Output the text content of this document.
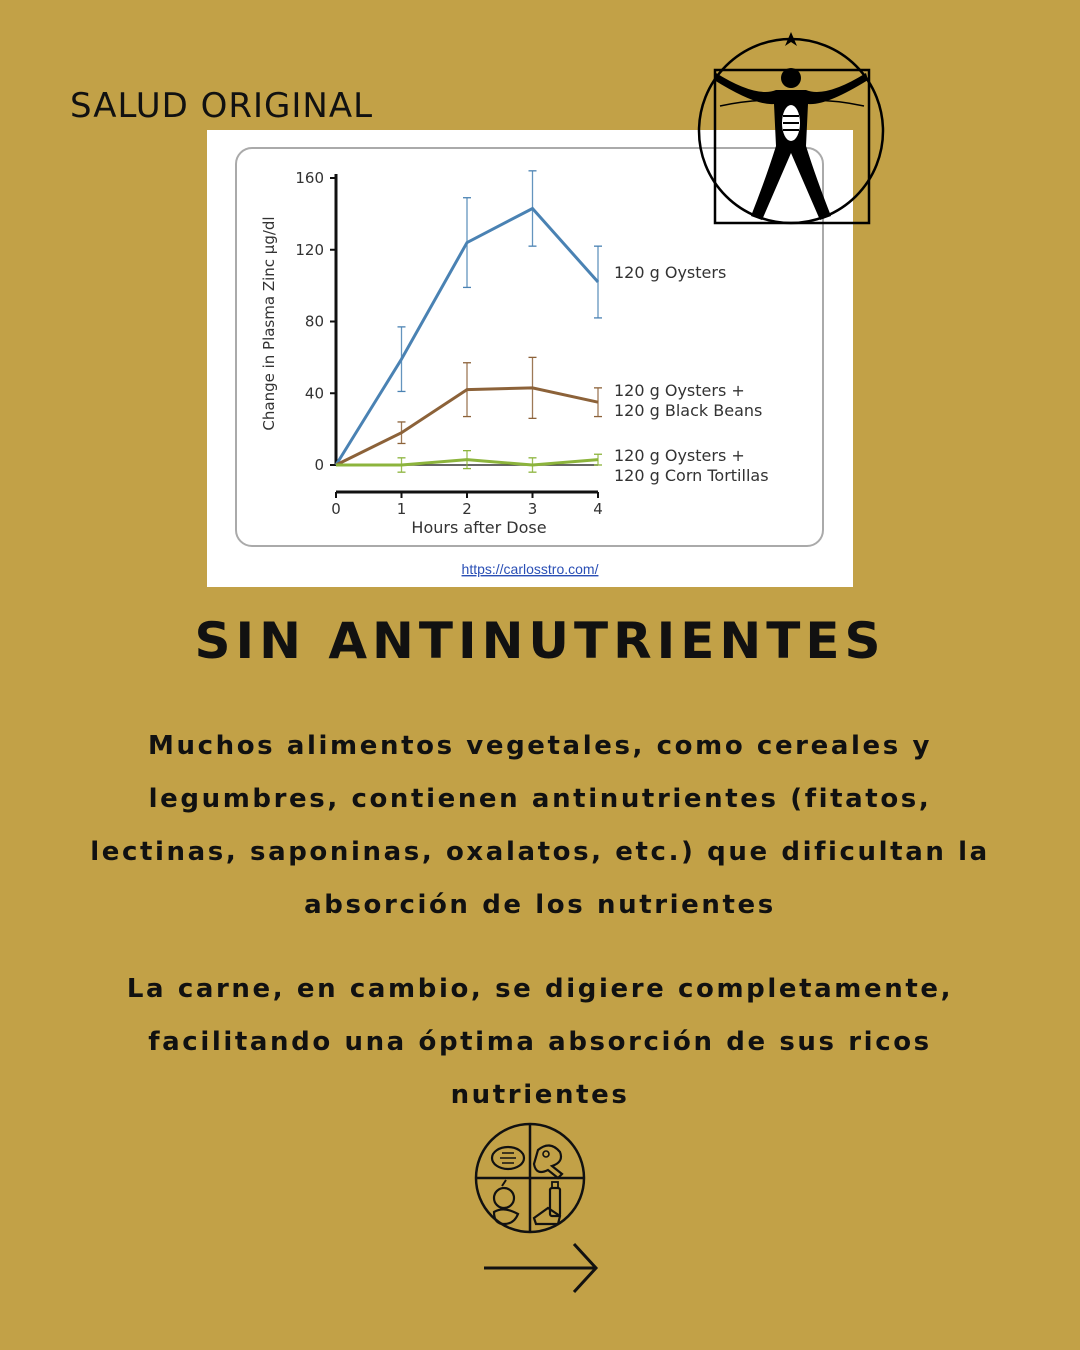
SALUD ORIGINAL
0
40
80
120
160
0	1	2	3	4
Hours after Dose
Change in Plasma Zinc µg/dl	120 g Oysters
120 g Oysters +
120 g Black Beans
120 g Oysters +
120 g Corn Tortillas
https://carlosstro.com/
SIN ANTINUTRIENTES

Muchos alimentos vegetales, como cereales y legumbres, contienen antinutrientes (fitatos, lectinas, saponinas, oxalatos, etc.) que dificultan la absorción de los nutrientes

La carne, en cambio, se digiere completamente, facilitando una óptima absorción de sus ricos nutrientes
